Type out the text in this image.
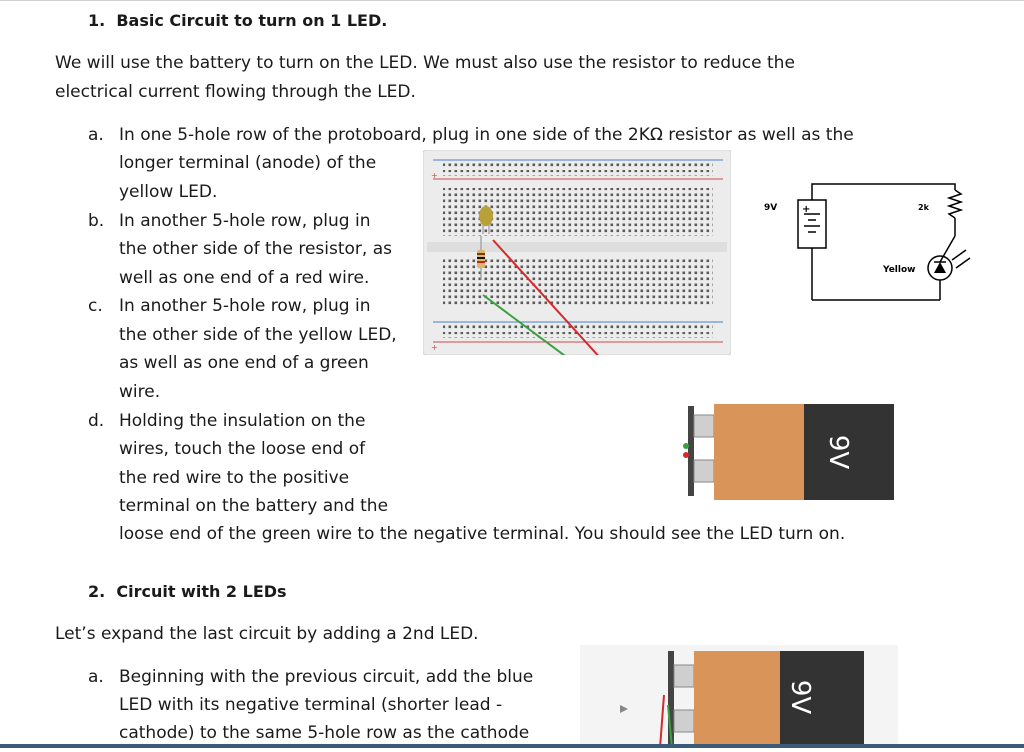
1.  Basic Circuit to turn on 1 LED.
We will use the battery to turn on the LED. We must also use the resistor to reduce the
electrical current flowing through the LED.
a. In one 5-hole row of the protoboard, plug in one side of the 2KΩ resistor as well as the
longer terminal (anode) of the
yellow LED.
b. In another 5-hole row, plug in
the other side of the resistor, as
well as one end of a red wire.
c. In another 5-hole row, plug in
the other side of the yellow LED,
as well as one end of a green
wire.
d. Holding the insulation on the
wires, touch the loose end of
the red wire to the positive
terminal on the battery and the
loose end of the green wire to the negative terminal. You should see the LED turn on.
+
+
9V
9V +	2k
Yellow
2.  Circuit with 2 LEDs
Let’s expand the last circuit by adding a 2nd LED.
a. Beginning with the previous circuit, add the blue
LED with its negative terminal (shorter lead -
cathode) to the same 5-hole row as the cathode
9V
